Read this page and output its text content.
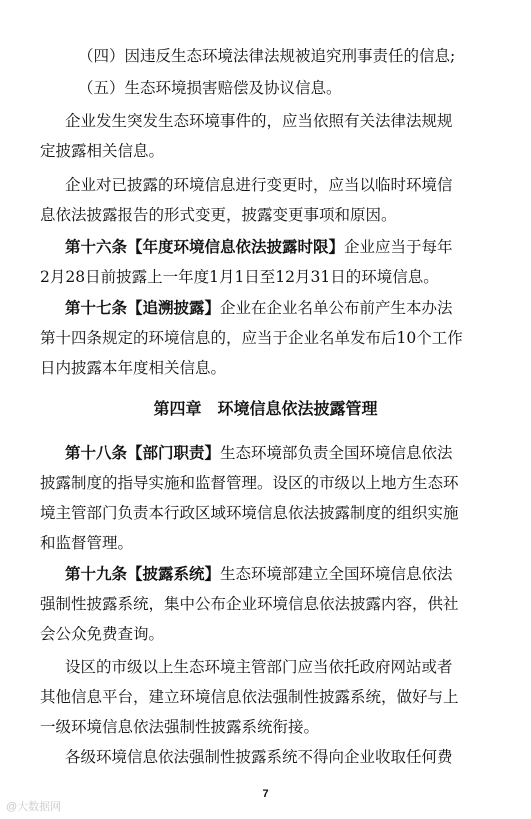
（四）因违反生态环境法律法规被追究刑事责任的信息;
（五）生态环境损害赔偿及协议信息。
企业发生突发生态环境事件的，应当依照有关法律法规规
定披露相关信息。
企业对已披露的环境信息进行变更时，应当以临时环境信
息依法披露报告的形式变更，披露变更事项和原因。
第十六条【年度环境信息依法披露时限】企业应当于每年
2月28日前披露上一年度1月1日至12月31日的环境信息。
第十七条【追溯披露】企业在企业名单公布前产生本办法
第十四条规定的环境信息的，应当于企业名单发布后10个工作
日内披露本年度相关信息。
第四章　环境信息依法披露管理
第十八条【部门职责】生态环境部负责全国环境信息依法
披露制度的指导实施和监督管理。设区的市级以上地方生态环
境主管部门负责本行政区域环境信息依法披露制度的组织实施
和监督管理。
第十九条【披露系统】生态环境部建立全国环境信息依法
强制性披露系统，集中公布企业环境信息依法披露内容，供社
会公众免费查询。
设区的市级以上生态环境主管部门应当依托政府网站或者
其他信息平台，建立环境信息依法强制性披露系统，做好与上
一级环境信息依法强制性披露系统衔接。
各级环境信息依法强制性披露系统不得向企业收取任何费
7
@大数据网
